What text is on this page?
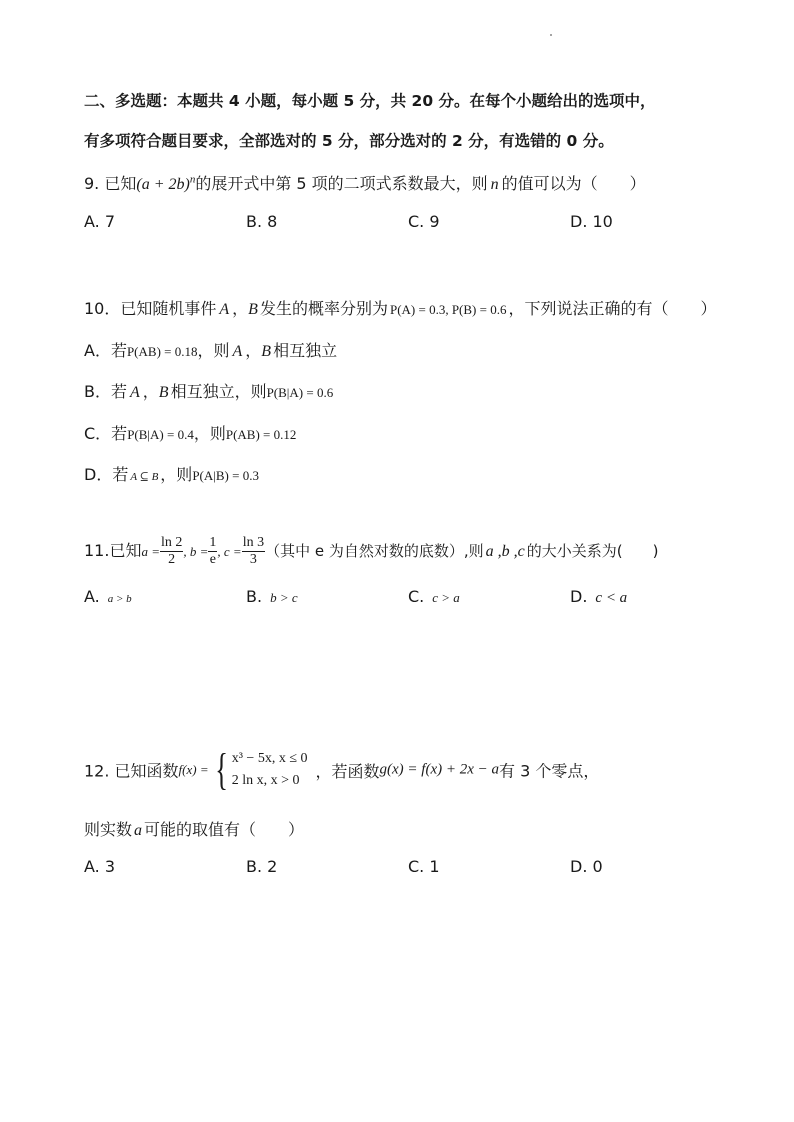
二、多选题：本题共 4 小题，每小题 5 分，共 20 分。在每个小题给出的选项中，
有多项符合题目要求，全部选对的 5 分，部分选对的 2 分，有选错的 0 分。
9. 已知$(a + 2b)^n$的展开式中第 5 项的二项式系数最大，则 n 的值可以为（　　）
A. 7	B. 8	C. 9	D. 10
10．已知随机事件 A ，B 发生的概率分别为 P(A) = 0.3, P(B) = 0.6 ，下列说法正确的有（　　）
A．若P(AB) = 0.18，则 A ，B 相互独立
B．若 A ，B 相互独立，则P(B|A) = 0.6
C．若P(B|A) = 0.4，则P(AB) = 0.12
D．若 A ⊆ B ，则P(A|B) = 0.3
11.已知$a = \frac{\ln 2}{2}$ , $b = \frac{1}{e}$ , $c = \frac{\ln 3}{3}$ （其中 e 为自然对数的底数）,则 a ,b ,c 的大小关系为(　　)
A. a > b	B. b > c	C. c > a	D. c < a
12. 已知函数f(x) = { x³ − 5x, x ≤ 0
2 ln x, x > 0 ，若函数g(x) = f(x) + 2x − a有 3 个零点，
则实数 a 可能的取值有（　　）
A. 3	B. 2	C. 1	D. 0
